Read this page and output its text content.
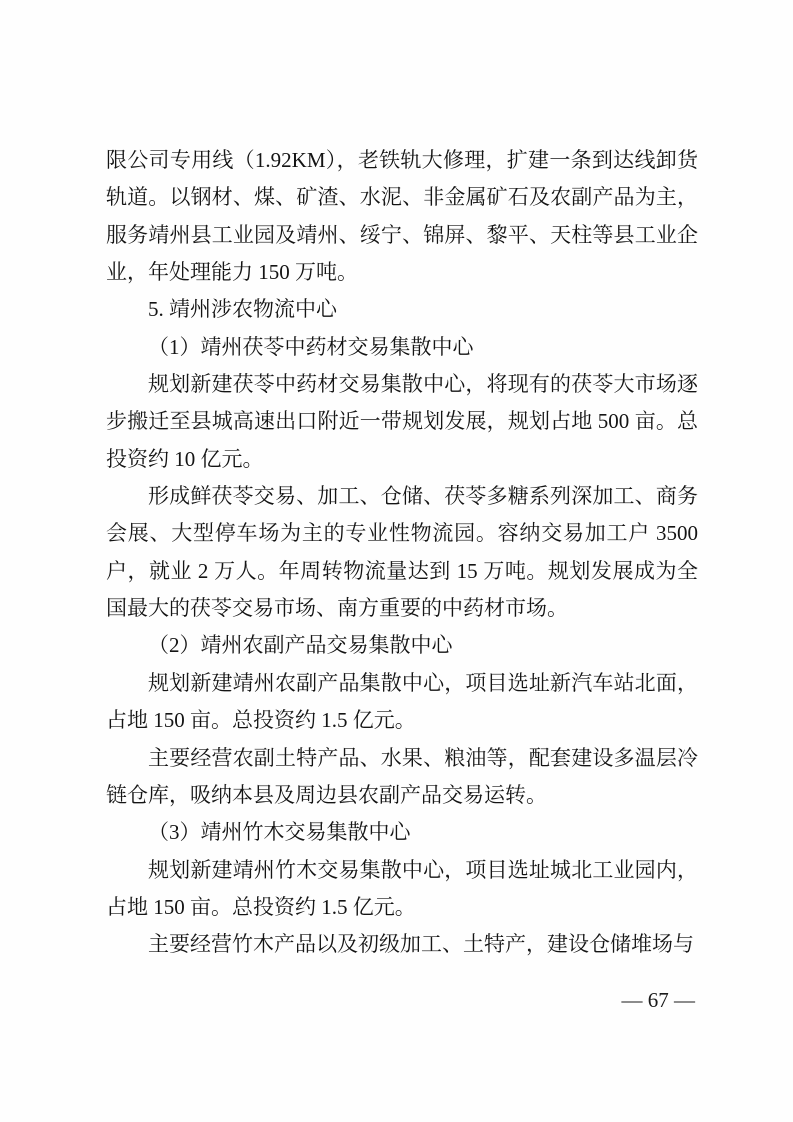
限公司专用线（1.92KM），老铁轨大修理，扩建一条到达线卸货轨道。以钢材、煤、矿渣、水泥、非金属矿石及农副产品为主，服务靖州县工业园及靖州、绥宁、锦屏、黎平、天柱等县工业企业，年处理能力 150 万吨。

5. 靖州涉农物流中心

（1）靖州茯苓中药材交易集散中心

规划新建茯苓中药材交易集散中心，将现有的茯苓大市场逐步搬迁至县城高速出口附近一带规划发展，规划占地 500 亩。总投资约 10 亿元。

形成鲜茯苓交易、加工、仓储、茯苓多糖系列深加工、商务会展、大型停车场为主的专业性物流园。容纳交易加工户 3500 户，就业 2 万人。年周转物流量达到 15 万吨。规划发展成为全国最大的茯苓交易市场、南方重要的中药材市场。

（2）靖州农副产品交易集散中心

规划新建靖州农副产品集散中心，项目选址新汽车站北面，占地 150 亩。总投资约 1.5 亿元。

主要经营农副土特产品、水果、粮油等，配套建设多温层冷链仓库，吸纳本县及周边县农副产品交易运转。

（3）靖州竹木交易集散中心

规划新建靖州竹木交易集散中心，项目选址城北工业园内，占地 150 亩。总投资约 1.5 亿元。

主要经营竹木产品以及初级加工、土特产，建设仓储堆场与

— 67 —
